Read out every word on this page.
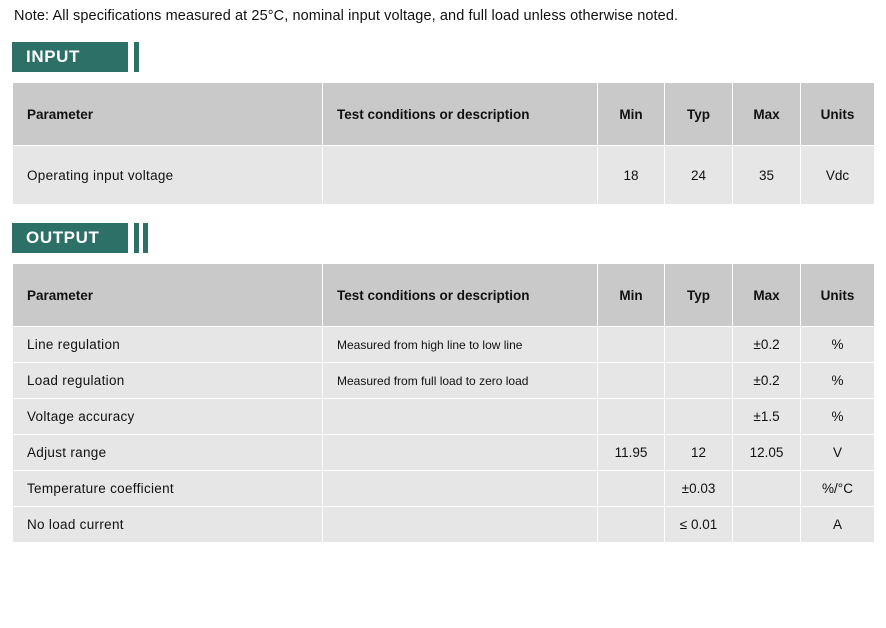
Note: All specifications measured at 25°C, nominal input voltage, and full load unless otherwise noted.
INPUT
Parameter	Test conditions or description	Min	Typ	Max	Units
Operating input voltage		18	24	35	Vdc
OUTPUT
Parameter	Test conditions or description	Min	Typ	Max	Units
Line regulation	Measured from high line to low line			±0.2	%
Load regulation	Measured from full load to zero load			±0.2	%
Voltage accuracy				±1.5	%
Adjust range		11.95	12	12.05	V
Temperature coefficient			±0.03		%/°C
No load current			≤ 0.01		A
